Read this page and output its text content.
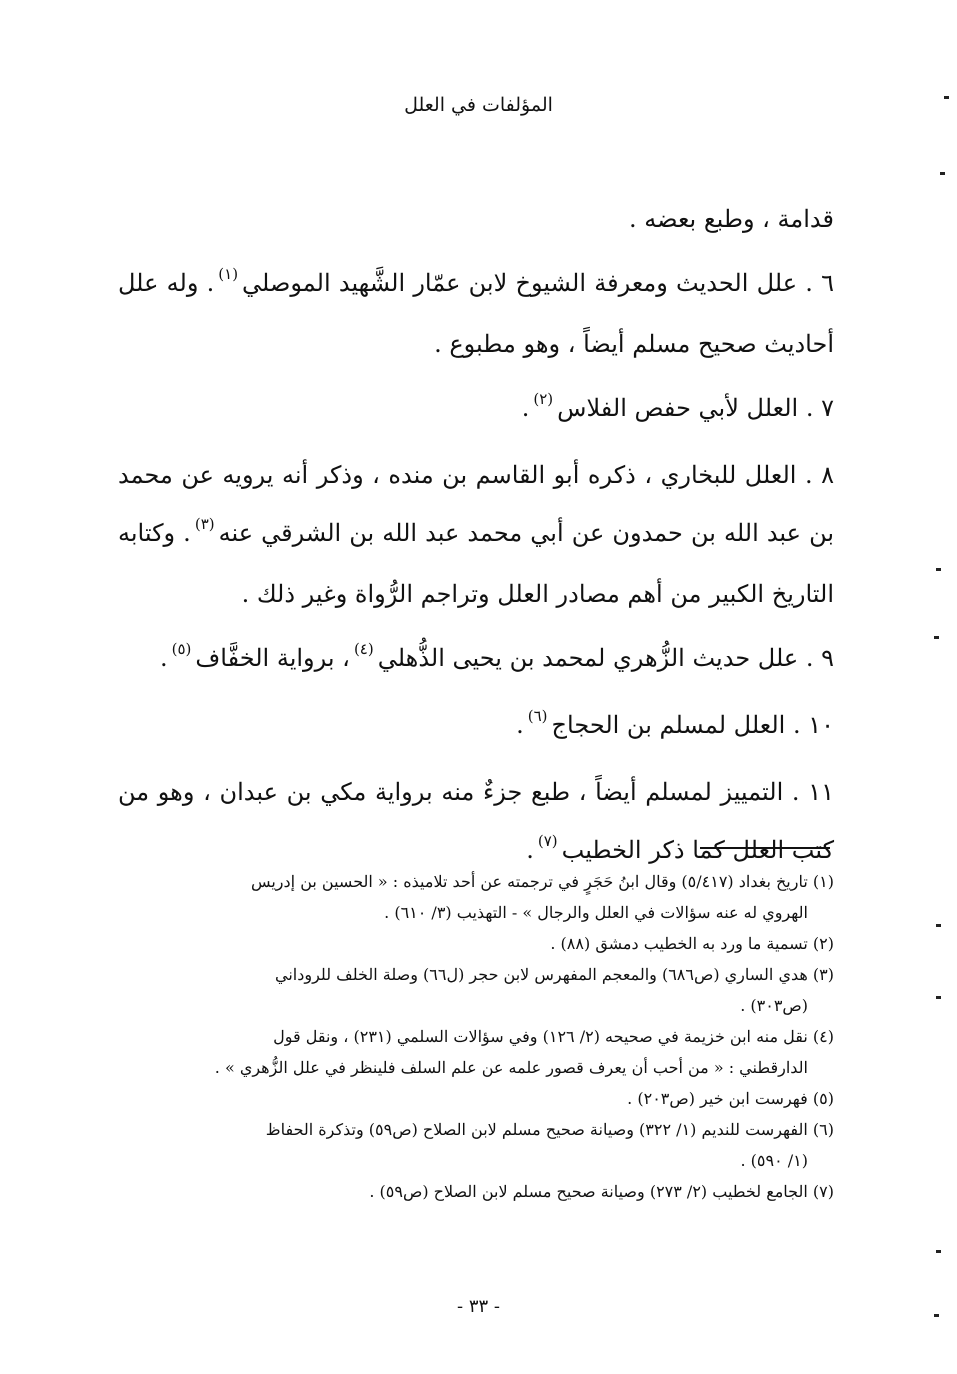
المؤلفات في العلل

قدامة ، وطبع بعضه .

٦ . علل الحديث ومعرفة الشيوخ لابن عمّار الشَّهيد الموصلي$^{(١)}$. وله علل أحاديث صحيح مسلم أيضاً ، وهو مطبوع .

٧ . العلل لأبي حفص الفلاس$^{(٢)}$.

٨ . العلل للبخاري ، ذكره أبو القاسم بن منده ، وذكر أنه يرويه عن محمد بن عبد الله بن حمدون عن أبي محمد عبد الله بن الشرقي عنه$^{(٣)}$. وكتابه التاريخ الكبير من أهم مصادر العلل وتراجم الرُّواة وغير ذلك .

٩ . علل حديث الزُّهري لمحمد بن يحيى الذُّهلي$^{(٤)}$، برواية الخفَّاف$^{(٥)}$.

١٠ . العلل لمسلم بن الحجاج$^{(٦)}$.

١١ . التمييز لمسلم أيضاً ، طبع جزءٌ منه برواية مكي بن عبدان ، وهو من كتب العلل كما ذكر الخطيب$^{(٧)}$.

(١) تاريخ بغداد (٥/٤١٧) وقال ابنُ حَجَرٍ في ترجمته عن أحد تلاميذه : « الحسين بن إدريس
الهروي له عنه سؤالات في العلل والرجال » - التهذيب (٣/ ٦١٠) .

(٢) تسمية ما ورد به الخطيب دمشق (٨٨) .

(٣) هدي الساري (ص٦٨٦) والمعجم المفهرس لابن حجر (ل٦٦) وصلة الخلف للروداني
(ص٣٠٣) .

(٤) نقل منه ابن خزيمة في صحيحه (٢/ ١٢٦) وفي سؤالات السلمي (٢٣١) ، ونقل قول
الدارقطني : « من أحب أن يعرف قصور علمه عن علم السلف فلينظر في علل الزُّهري » .

(٥) فهرست ابن خير (ص٢٠٣) .

(٦) الفهرست للنديم (١/ ٣٢٢) وصيانة صحيح مسلم لابن الصلاح (ص٥٩) وتذكرة الحفاظ
(١/ ٥٩٠) .

(٧) الجامع لخطيب (٢/ ٢٧٣) وصيانة صحيح مسلم لابن الصلاح (ص٥٩) .

- ٣٣ -
